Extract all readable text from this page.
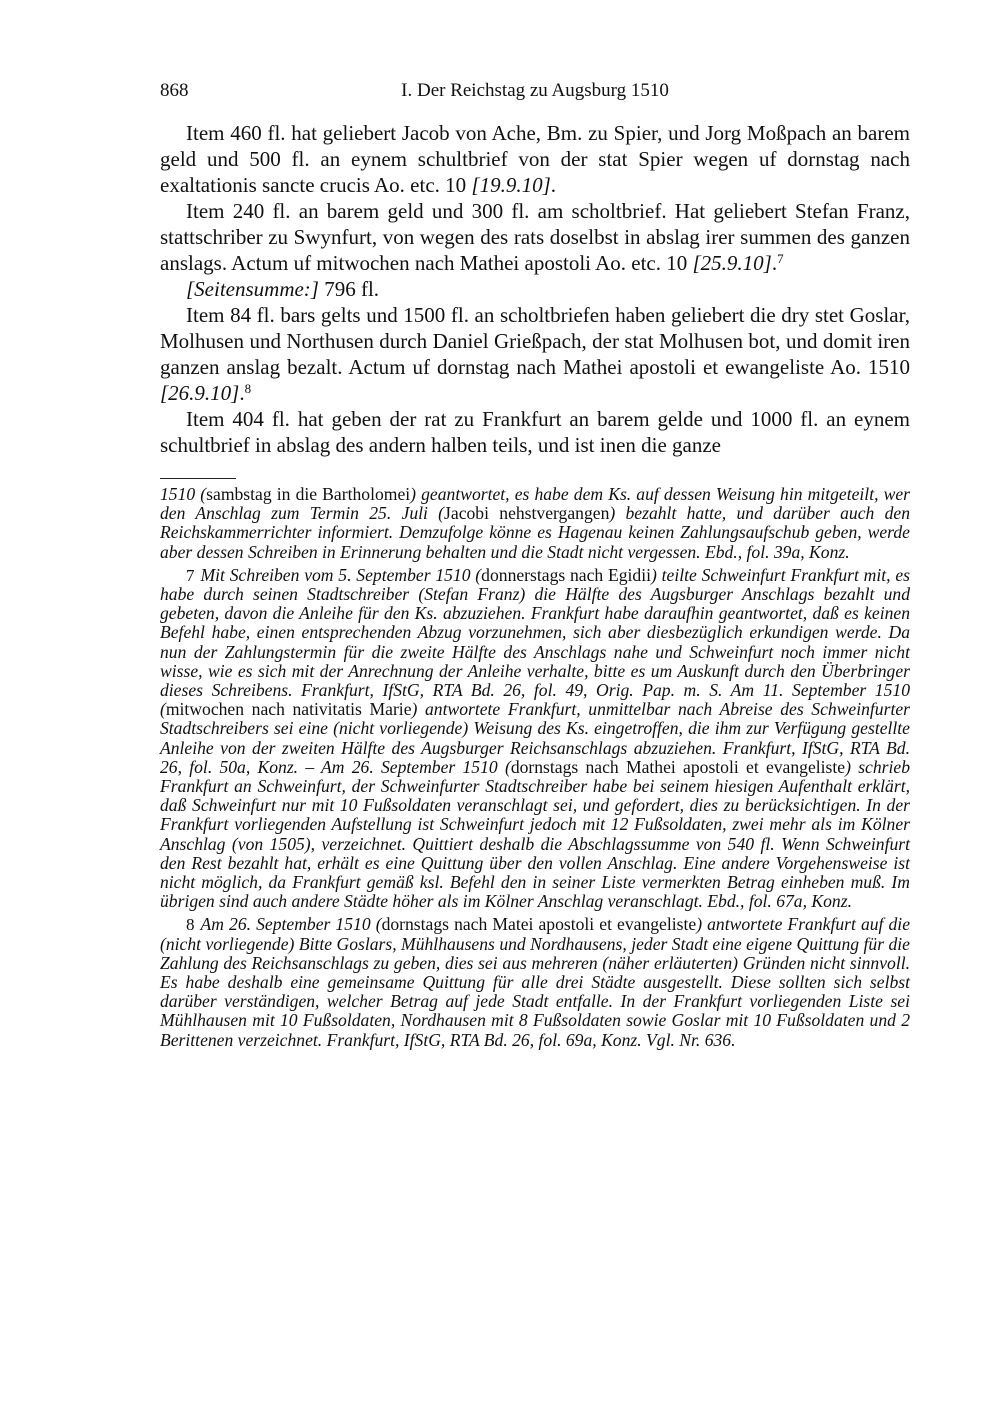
868	I. Der Reichstag zu Augsburg 1510

Item 460 fl. hat geliebert Jacob von Ache, Bm. zu Spier, und Jorg Moßpach an barem geld und 500 fl. an eynem schultbrief von der stat Spier wegen uf dornstag nach exaltationis sancte crucis Ao. etc. 10 [19.9.10].

Item 240 fl. an barem geld und 300 fl. am scholtbrief. Hat geliebert Stefan Franz, stattschriber zu Swynfurt, von wegen des rats doselbst in abslag irer summen des ganzen anslags. Actum uf mitwochen nach Mathei apostoli Ao. etc. 10 [25.9.10].$^7$

[Seitensumme:] 796 fl.

Item 84 fl. bars gelts und 1500 fl. an scholtbriefen haben geliebert die dry stet Goslar, Molhusen und Northusen durch Daniel Grießpach, der stat Molhusen bot, und domit iren ganzen anslag bezalt. Actum uf dornstag nach Mathei apostoli et ewangeliste Ao. 1510 [26.9.10].$^8$

Item 404 fl. hat geben der rat zu Frankfurt an barem gelde und 1000 fl. an eynem schultbrief in abslag des andern halben teils, und ist inen die ganze

1510 (sambstag in die Bartholomei) geantwortet, es habe dem Ks. auf dessen Weisung hin mitgeteilt, wer den Anschlag zum Termin 25. Juli (Jacobi nehstvergangen) bezahlt hatte, und darüber auch den Reichskammerrichter informiert. Demzufolge könne es Hagenau keinen Zahlungsaufschub geben, werde aber dessen Schreiben in Erinnerung behalten und die Stadt nicht vergessen. Ebd., fol. 39a, Konz.

7 Mit Schreiben vom 5. September 1510 (donnerstags nach Egidii) teilte Schweinfurt Frankfurt mit, es habe durch seinen Stadtschreiber (Stefan Franz) die Hälfte des Augsburger Anschlags bezahlt und gebeten, davon die Anleihe für den Ks. abzuziehen. Frankfurt habe daraufhin geantwortet, daß es keinen Befehl habe, einen entsprechenden Abzug vorzunehmen, sich aber diesbezüglich erkundigen werde. Da nun der Zahlungstermin für die zweite Hälfte des Anschlags nahe und Schweinfurt noch immer nicht wisse, wie es sich mit der Anrechnung der Anleihe verhalte, bitte es um Auskunft durch den Überbringer dieses Schreibens. Frankfurt, IfStG, RTA Bd. 26, fol. 49, Orig. Pap. m. S. Am 11. September 1510 (mitwochen nach nativitatis Marie) antwortete Frankfurt, unmittelbar nach Abreise des Schweinfurter Stadtschreibers sei eine (nicht vorliegende) Weisung des Ks. eingetroffen, die ihm zur Verfügung gestellte Anleihe von der zweiten Hälfte des Augsburger Reichsanschlags abzuziehen. Frankfurt, IfStG, RTA Bd. 26, fol. 50a, Konz. – Am 26. September 1510 (dornstags nach Mathei apostoli et evangeliste) schrieb Frankfurt an Schweinfurt, der Schweinfurter Stadtschreiber habe bei seinem hiesigen Aufenthalt erklärt, daß Schweinfurt nur mit 10 Fußsoldaten veranschlagt sei, und gefordert, dies zu berücksichtigen. In der Frankfurt vorliegenden Aufstellung ist Schweinfurt jedoch mit 12 Fußsoldaten, zwei mehr als im Kölner Anschlag (von 1505), verzeichnet. Quittiert deshalb die Abschlagssumme von 540 fl. Wenn Schweinfurt den Rest bezahlt hat, erhält es eine Quittung über den vollen Anschlag. Eine andere Vorgehensweise ist nicht möglich, da Frankfurt gemäß ksl. Befehl den in seiner Liste vermerkten Betrag einheben muß. Im übrigen sind auch andere Städte höher als im Kölner Anschlag veranschlagt. Ebd., fol. 67a, Konz.

8 Am 26. September 1510 (dornstags nach Matei apostoli et evangeliste) antwortete Frankfurt auf die (nicht vorliegende) Bitte Goslars, Mühlhausens und Nordhausens, jeder Stadt eine eigene Quittung für die Zahlung des Reichsanschlags zu geben, dies sei aus mehreren (näher erläuterten) Gründen nicht sinnvoll. Es habe deshalb eine gemeinsame Quittung für alle drei Städte ausgestellt. Diese sollten sich selbst darüber verständigen, welcher Betrag auf jede Stadt entfalle. In der Frankfurt vorliegenden Liste sei Mühlhausen mit 10 Fußsoldaten, Nordhausen mit 8 Fußsoldaten sowie Goslar mit 10 Fußsoldaten und 2 Berittenen verzeichnet. Frankfurt, IfStG, RTA Bd. 26, fol. 69a, Konz. Vgl. Nr. 636.
